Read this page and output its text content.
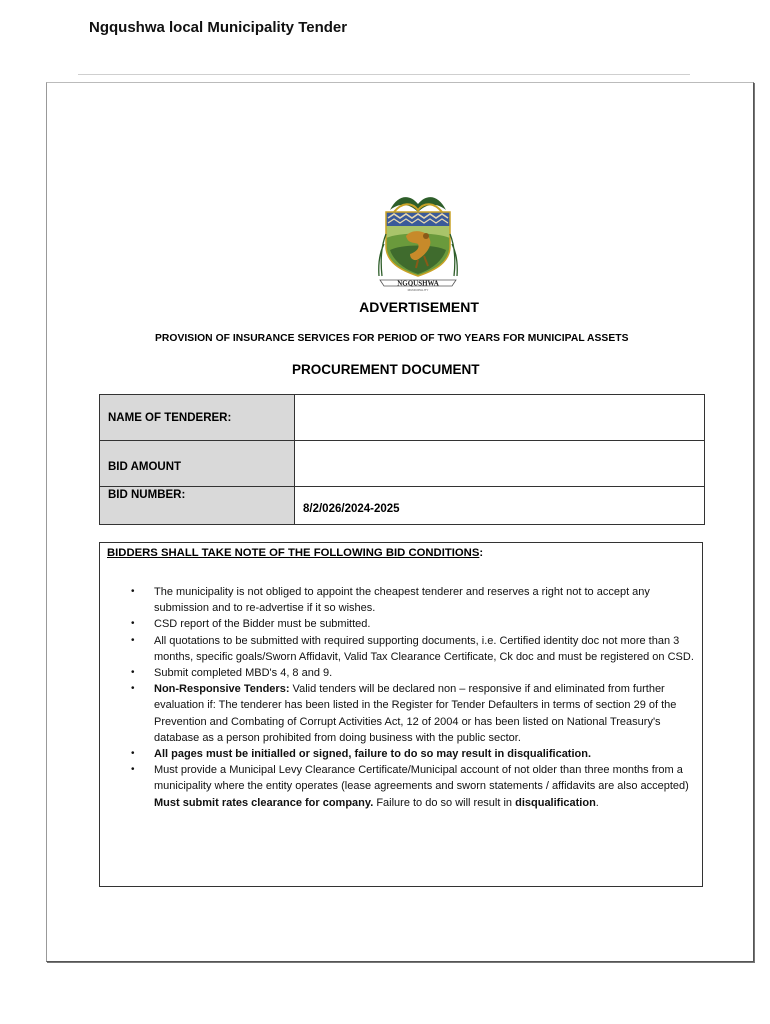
Ngqushwa local Municipality Tender
NGQUSHWA
MUNICIPALITY
ADVERTISEMENT
PROVISION OF INSURANCE SERVICES FOR PERIOD OF TWO YEARS FOR MUNICIPAL ASSETS
PROCUREMENT DOCUMENT
NAME OF TENDERER:	
BID AMOUNT	
BID NUMBER:	8/2/026/2024-2025
BIDDERS SHALL TAKE NOTE OF THE FOLLOWING BID CONDITIONS:
• The municipality is not obliged to appoint the cheapest tenderer and reserves a right not to accept any submission and to re-advertise if it so wishes.
• CSD report of the Bidder must be submitted.
• All quotations to be submitted with required supporting documents, i.e. Certified identity doc not more than 3 months, specific goals/Sworn Affidavit, Valid Tax Clearance Certificate, Ck doc and must be registered on CSD.
• Submit completed MBD's 4, 8 and 9.
• Non-Responsive Tenders: Valid tenders will be declared non – responsive if and eliminated from further evaluation if: The tenderer has been listed in the Register for Tender Defaulters in terms of section 29 of the Prevention and Combating of Corrupt Activities Act, 12 of 2004 or has been listed on National Treasury's database as a person prohibited from doing business with the public sector.
• All pages must be initialled or signed, failure to do so may result in disqualification.
• Must provide a Municipal Levy Clearance Certificate/Municipal account of not older than three months from a municipality where the entity operates (lease agreements and sworn statements / affidavits are also accepted) Must submit rates clearance for company. Failure to do so will result in disqualification.
